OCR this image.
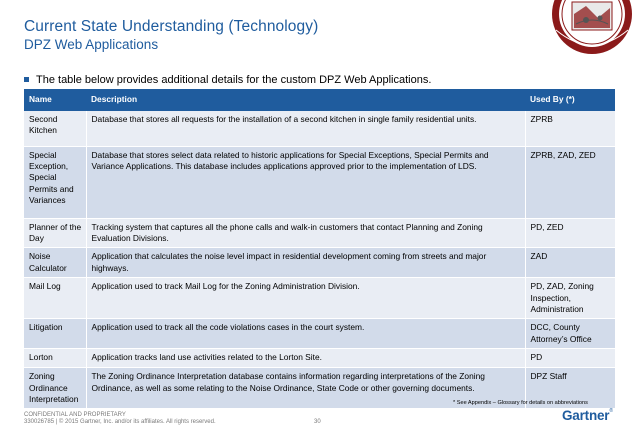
Current State Understanding (Technology)
DPZ Web Applications
The table below provides additional details for the custom DPZ Web Applications.
Name	Description	Used By (*)
Second Kitchen	Database that stores all requests for the installation of a second kitchen in single family residential units.	ZPRB
Special Exception, Special Permits and Variances	Database that stores select data related to historic applications for Special Exceptions, Special Permits and Variance Applications. This database includes applications approved prior to the implementation of LDS.	ZPRB, ZAD, ZED
Planner of the Day	Tracking system that captures all the phone calls and walk-in customers that contact Planning and Zoning Evaluation Divisions.	PD, ZED
Noise Calculator	Application that calculates the noise level impact in residential development coming from streets and major highways.	ZAD
Mail Log	Application used to track Mail Log for the Zoning Administration Division.	PD, ZAD, Zoning Inspection, Administration
Litigation	Application used to track all the code violations cases in the court system.	DCC, County Attorney’s Office
Lorton	Application tracks land use activities related to the Lorton Site.	PD
Zoning Ordinance Interpretation	The Zoning Ordinance Interpretation database contains information regarding interpretations of the Zoning Ordinance, as well as some relating to the Noise Ordinance, State Code or other governing documents.	DPZ Staff
* See Appendix – Glossary for details on abbreviations
CONFIDENTIAL AND PROPRIETARY
330026785 | © 2015 Gartner, Inc. and/or its affiliates. All rights reserved.	30	Gartner®
